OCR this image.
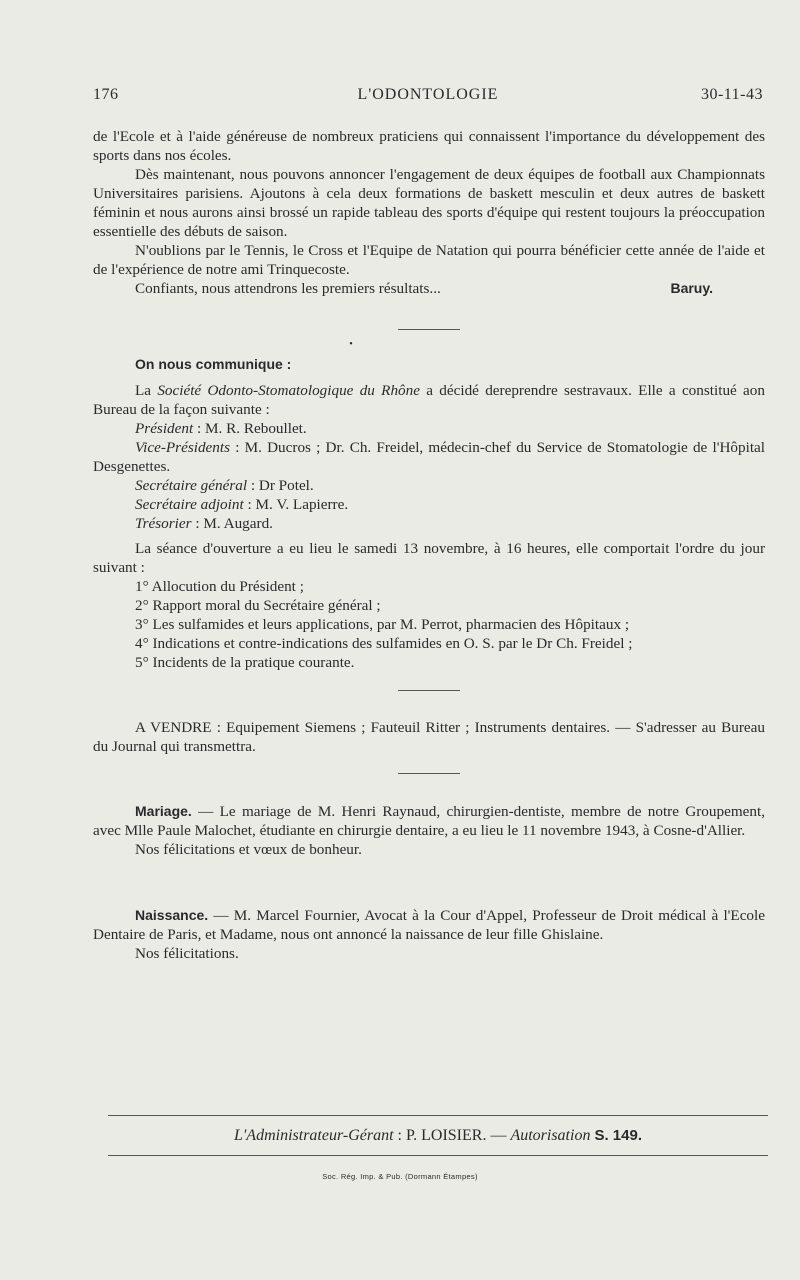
176	L'ODONTOLOGIE	30-11-43

de l'Ecole et à l'aide généreuse de nombreux praticiens qui connaissent l'importance du développement des sports dans nos écoles.

Dès maintenant, nous pouvons annoncer l'engagement de deux équipes de football aux Championnats Universitaires parisiens. Ajoutons à cela deux formations de baskett mesculin et deux autres de baskett féminin et nous aurons ainsi brossé un rapide tableau des sports d'équipe qui restent toujours la préoccupation essentielle des débuts de saison.

N'oublions par le Tennis, le Cross et l'Equipe de Natation qui pourra bénéficier cette année de l'aide et de l'expérience de notre ami Trinquecoste.

Confiants, nous attendrons les premiers résultats...	Baruy.

•

On nous communique :

La Société Odonto-Stomatologique du Rhône a décidé dereprendre sestravaux. Elle a constitué aon Bureau de la façon suivante :

Président : M. R. Reboullet.

Vice-Présidents : M. Ducros ; Dr. Ch. Freidel, médecin-chef du Service de Stomatologie de l'Hôpital Desgenettes.

Secrétaire général : Dr Potel.

Secrétaire adjoint : M. V. Lapierre.

Trésorier : M. Augard.

La séance d'ouverture a eu lieu le samedi 13 novembre, à 16 heures, elle comportait l'ordre du jour suivant :

1° Allocution du Président ;

2° Rapport moral du Secrétaire général ;

3° Les sulfamides et leurs applications, par M. Perrot, pharmacien des Hôpitaux ;

4° Indications et contre-indications des sulfamides en O. S. par le Dr Ch. Freidel ;

5° Incidents de la pratique courante.

A VENDRE : Equipement Siemens ; Fauteuil Ritter ; Instruments dentaires. — S'adresser au Bureau du Journal qui transmettra.

Mariage. — Le mariage de M. Henri Raynaud, chirurgien-dentiste, membre de notre Groupement, avec Mlle Paule Malochet, étudiante en chirurgie dentaire, a eu lieu le 11 novembre 1943, à Cosne-d'Allier.

Nos félicitations et vœux de bonheur.

Naissance. — M. Marcel Fournier, Avocat à la Cour d'Appel, Professeur de Droit médical à l'Ecole Dentaire de Paris, et Madame, nous ont annoncé la naissance de leur fille Ghislaine.

Nos félicitations.

L'Administrateur-Gérant : P. LOISIER. — Autorisation S. 149.
Soc. Rég. Imp. & Pub. (Dormann Étampes)
